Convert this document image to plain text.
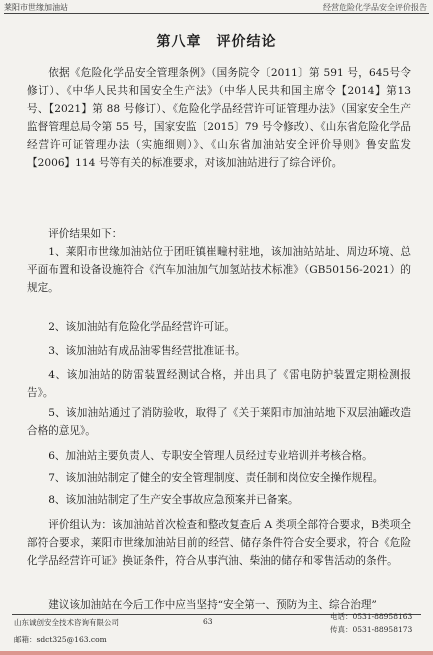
莱阳市世缘加油站	经营危险化学品安全评价报告
第八章　评价结论

依据《危险化学品安全管理条例》（国务院令〔2011〕第 591 号，645号令修订）、《中华人民共和国安全生产法》（中华人民共和国主席令【2014】第13号、【2021】第 88 号修订）、《危险化学品经营许可证管理办法》（国家安全生产监督管理总局令第 55 号，国家安监〔2015〕79 号令修改）、《山东省危险化学品经营许可证管理办法（实施细则）》、《山东省加油站安全评价导则》鲁安监发【2006】114 号等有关的标准要求，对该加油站进行了综合评价。

评价结果如下：

1、莱阳市世缘加油站位于团旺镇崔疃村驻地，该加油站站址、周边环境、总平面布置和设备设施符合《汽车加油加气加氢站技术标准》（GB50156-2021）的规定。

2、该加油站有危险化学品经营许可证。

3、该加油站有成品油零售经营批准证书。

4、该加油站的防雷装置经测试合格，并出具了《雷电防护装置定期检测报告》。

5、该加油站通过了消防验收，取得了《关于莱阳市加油站地下双层油罐改造合格的意见》。

6、加油站主要负责人、专职安全管理人员经过专业培训并考核合格。

7、该加油站制定了健全的安全管理制度、责任制和岗位安全操作规程。

8、该加油站制定了生产安全事故应急预案并已备案。

评价组认为：该加油站首次检查和整改复查后 A 类项全部符合要求，B类项全部符合要求，莱阳市世缘加油站目前的经营、储存条件符合安全要求，符合《危险化学品经营许可证》换证条件，符合从事汽油、柴油的储存和零售活动的条件。

建议该加油站在今后工作中应当坚持“安全第一、预防为主、综合治理”

山东诚创安全技术咨询有限公司
邮箱：sdct325@163.com
63
电话：0531-88958163
传真：0531-88958173
